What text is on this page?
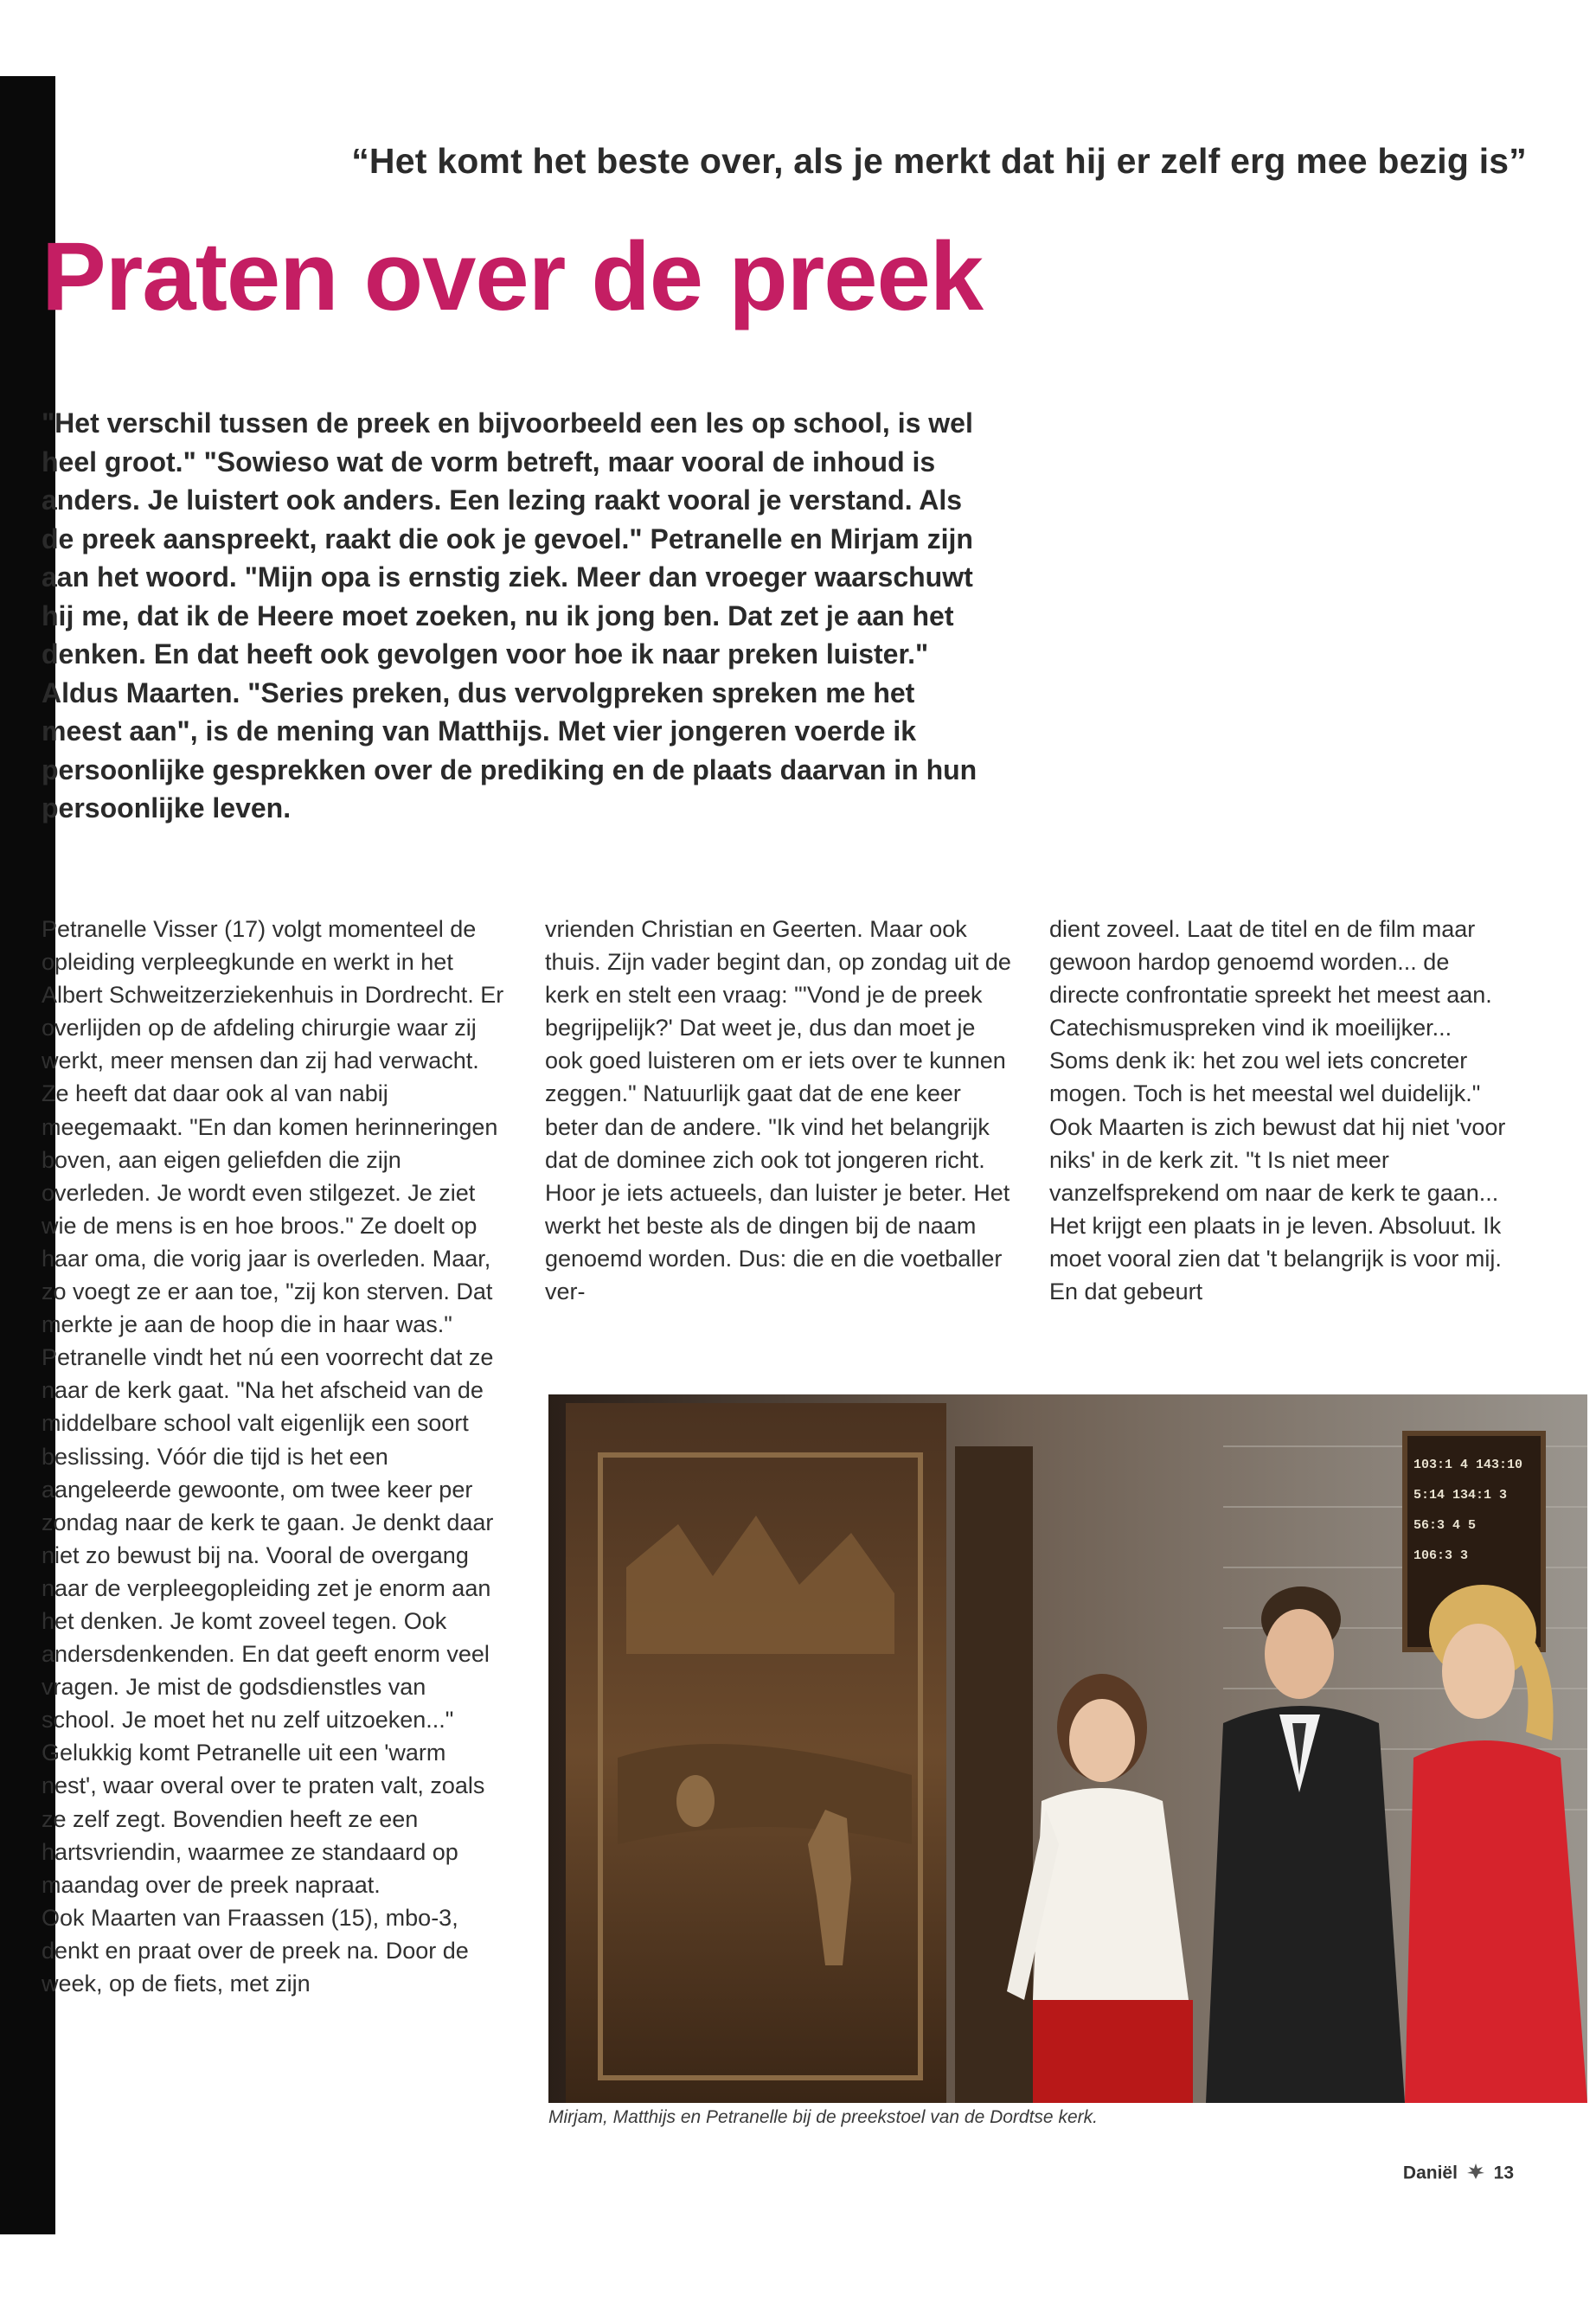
“Het komt het beste over, als je merkt dat hij er zelf erg mee bezig is”
Praten over de preek
"Het verschil tussen de preek en bijvoorbeeld een les op school, is wel heel groot." "Sowieso wat de vorm betreft, maar vooral de inhoud is anders. Je luistert ook anders. Een lezing raakt vooral je verstand. Als de preek aanspreekt, raakt die ook je gevoel." Petranelle en Mirjam zijn aan het woord. "Mijn opa is ernstig ziek. Meer dan vroeger waarschuwt hij me, dat ik de Heere moet zoeken, nu ik jong ben. Dat zet je aan het denken. En dat heeft ook gevolgen voor hoe ik naar preken luister." Aldus Maarten. "Series preken, dus vervolgpreken spreken me het meest aan", is de mening van Matthijs. Met vier jongeren voerde ik persoonlijke gesprekken over de prediking en de plaats daarvan in hun persoonlijke leven.

Petranelle Visser (17) volgt momenteel de opleiding verpleegkunde en werkt in het Albert Schweitzerziekenhuis in Dordrecht. Er overlijden op de afdeling chirurgie waar zij werkt, meer mensen dan zij had verwacht. Ze heeft dat daar ook al van nabij meegemaakt. "En dan komen herinneringen boven, aan eigen geliefden die zijn overleden. Je wordt even stilgezet. Je ziet wie de mens is en hoe broos." Ze doelt op haar oma, die vorig jaar is overleden. Maar, zo voegt ze er aan toe, "zij kon sterven. Dat merkte je aan de hoop die in haar was."

Petranelle vindt het nú een voorrecht dat ze naar de kerk gaat. "Na het afscheid van de middelbare school valt eigenlijk een soort beslissing. Vóór die tijd is het een aangeleerde gewoonte, om twee keer per zondag naar de kerk te gaan. Je denkt daar niet zo bewust bij na. Vooral de overgang naar de verpleegopleiding zet je enorm aan het denken. Je komt zoveel tegen. Ook andersdenkenden. En dat geeft enorm veel vragen. Je mist de godsdienstles van school. Je moet het nu zelf uitzoeken..." Gelukkig komt Petranelle uit een 'warm nest', waar overal over te praten valt, zoals ze zelf zegt. Bovendien heeft ze een hartsvriendin, waarmee ze standaard op maandag over de preek napraat.

Ook Maarten van Fraassen (15), mbo-3, denkt en praat over de preek na. Door de week, op de fiets, met zijn

vrienden Christian en Geerten. Maar ook thuis. Zijn vader begint dan, op zondag uit de kerk en stelt een vraag: "'Vond je de preek begrijpelijk?' Dat weet je, dus dan moet je ook goed luisteren om er iets over te kunnen zeggen." Natuurlijk gaat dat de ene keer beter dan de andere. "Ik vind het belangrijk dat de dominee zich ook tot jongeren richt. Hoor je iets actueels, dan luister je beter. Het werkt het beste als de dingen bij de naam genoemd worden. Dus: die en die voetballer ver-

dient zoveel. Laat de titel en de film maar gewoon hardop genoemd worden... de directe confrontatie spreekt het meest aan. Catechismuspreken vind ik moeilijker... Soms denk ik: het zou wel iets concreter mogen. Toch is het meestal wel duidelijk."

Ook Maarten is zich bewust dat hij niet 'voor niks' in de kerk zit. "t Is niet meer vanzelfsprekend om naar de kerk te gaan... Het krijgt een plaats in je leven. Absoluut. Ik moet vooral zien dat 't belangrijk is voor mij. En dat gebeurt

103:1 4 143:10
5:14 134:1 3
56:3 4 5
106:3 3
Mirjam, Matthijs en Petranelle bij de preekstoel van de Dordtse kerk.
Daniël 13
